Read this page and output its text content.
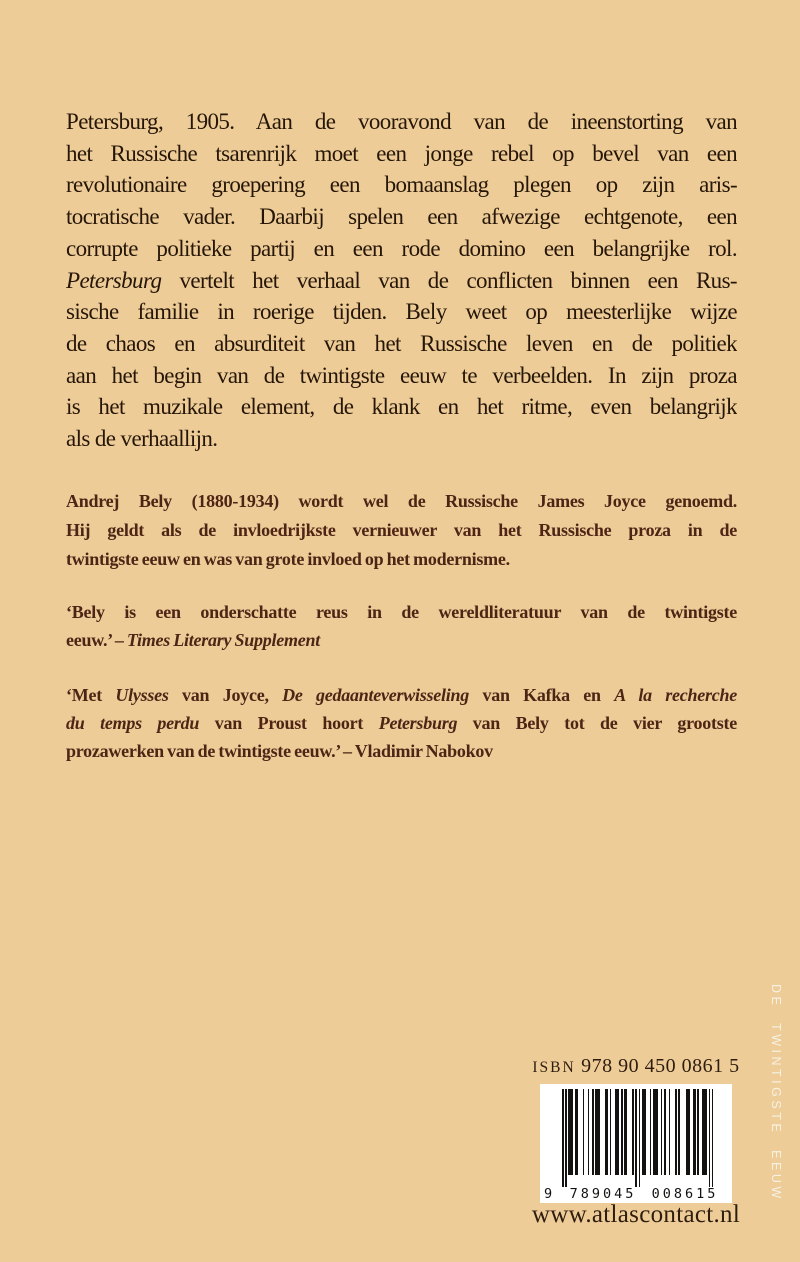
Petersburg, 1905. Aan de vooravond van de ineenstorting van
het Russische tsarenrijk moet een jonge rebel op bevel van een
revolutionaire groepering een bomaanslag plegen op zijn aris-
tocratische vader. Daarbij spelen een afwezige echtgenote, een
corrupte politieke partij en een rode domino een belangrijke rol.
Petersburg vertelt het verhaal van de conflicten binnen een Rus-
sische familie in roerige tijden. Bely weet op meesterlijke wijze
de chaos en absurditeit van het Russische leven en de politiek
aan het begin van de twintigste eeuw te verbeelden. In zijn proza
is het muzikale element, de klank en het ritme, even belangrijk
als de verhaallijn.
Andrej Bely (1880-1934) wordt wel de Russische James Joyce genoemd.
Hij geldt als de invloedrijkste vernieuwer van het Russische proza in de
twintigste eeuw en was van grote invloed op het modernisme.
‘Bely is een onderschatte reus in de wereldliteratuur van de twintigste
eeuw.’ – Times Literary Supplement
‘Met Ulysses van Joyce, De gedaanteverwisseling van Kafka en A la recherche
du temps perdu van Proust hoort Petersburg van Bely tot de vier grootste
prozawerken van de twintigste eeuw.’ – Vladimir Nabokov
DE TWINTIGSTE EEUW
ISBN 978 90 450 0861 5
9	789045	008615
www.atlascontact.nl
